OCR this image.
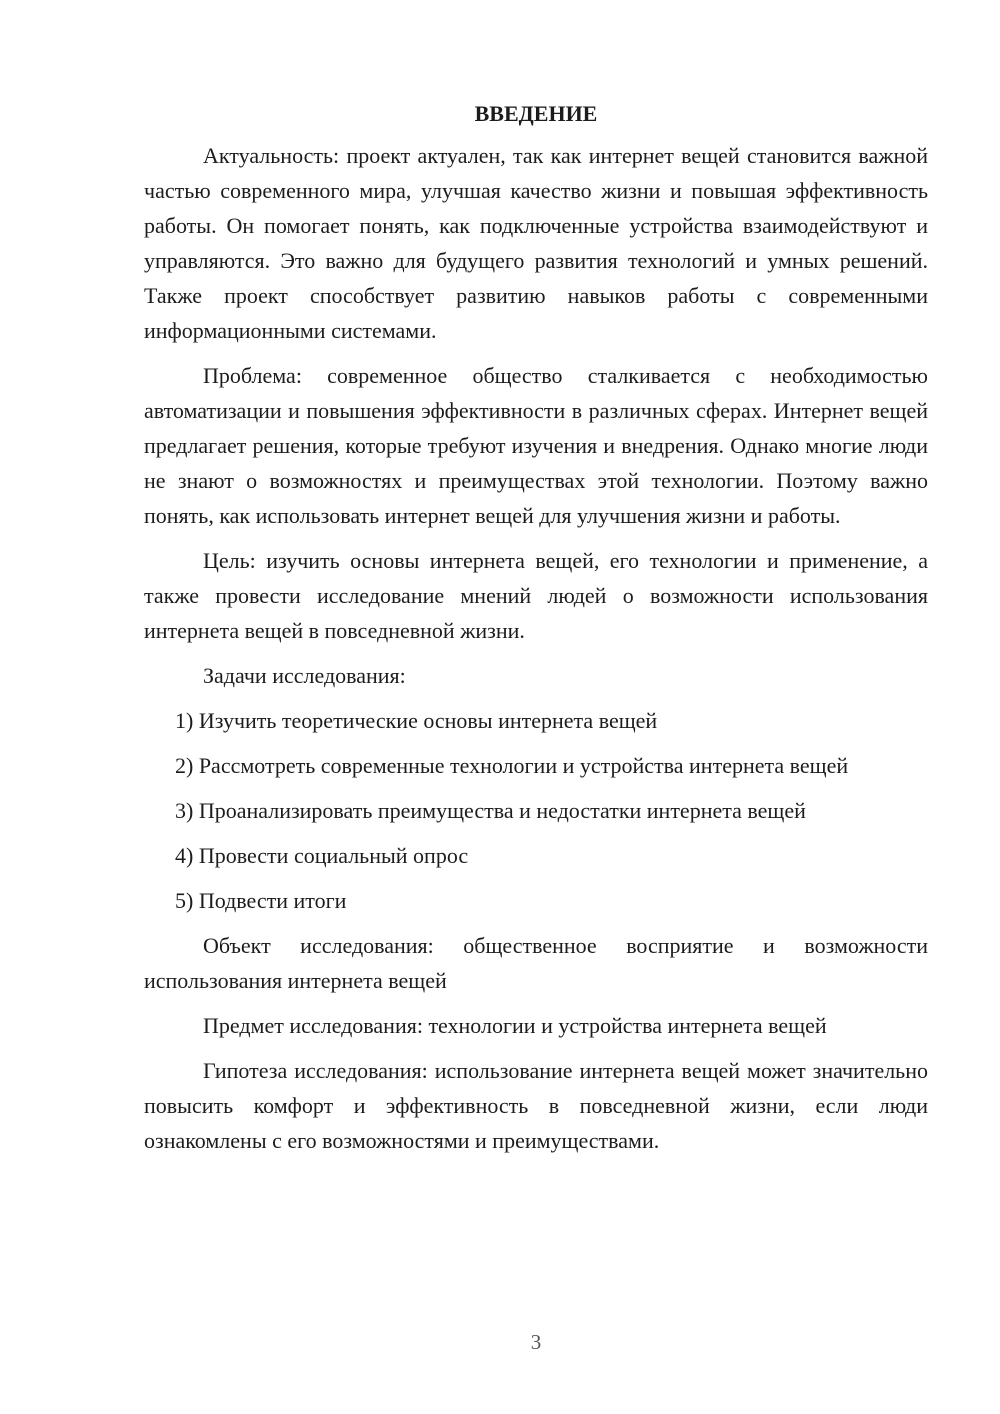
ВВЕДЕНИЕ

Актуальность: проект актуален, так как интернет вещей становится важной частью современного мира, улучшая качество жизни и повышая эффективность работы. Он помогает понять, как подключенные устройства взаимодействуют и управляются. Это важно для будущего развития технологий и умных решений. Также проект способствует развитию навыков работы с современными информационными системами.

Проблема: современное общество сталкивается с необходимостью автоматизации и повышения эффективности в различных сферах. Интернет вещей предлагает решения, которые требуют изучения и внедрения. Однако многие люди не знают о возможностях и преимуществах этой технологии. Поэтому важно понять, как использовать интернет вещей для улучшения жизни и работы.

Цель: изучить основы интернета вещей, его технологии и применение, а также провести исследование мнений людей о возможности использования интернета вещей в повседневной жизни.

Задачи исследования:

1) Изучить теоретические основы интернета вещей

2) Рассмотреть современные технологии и устройства интернета вещей

3) Проанализировать преимущества и недостатки интернета вещей

4) Провести социальный опрос

5) Подвести итоги

Объект исследования: общественное восприятие и возможности использования интернета вещей

Предмет исследования: технологии и устройства интернета вещей

Гипотеза исследования: использование интернета вещей может значительно повысить комфорт и эффективность в повседневной жизни, если люди ознакомлены с его возможностями и преимуществами.

3
